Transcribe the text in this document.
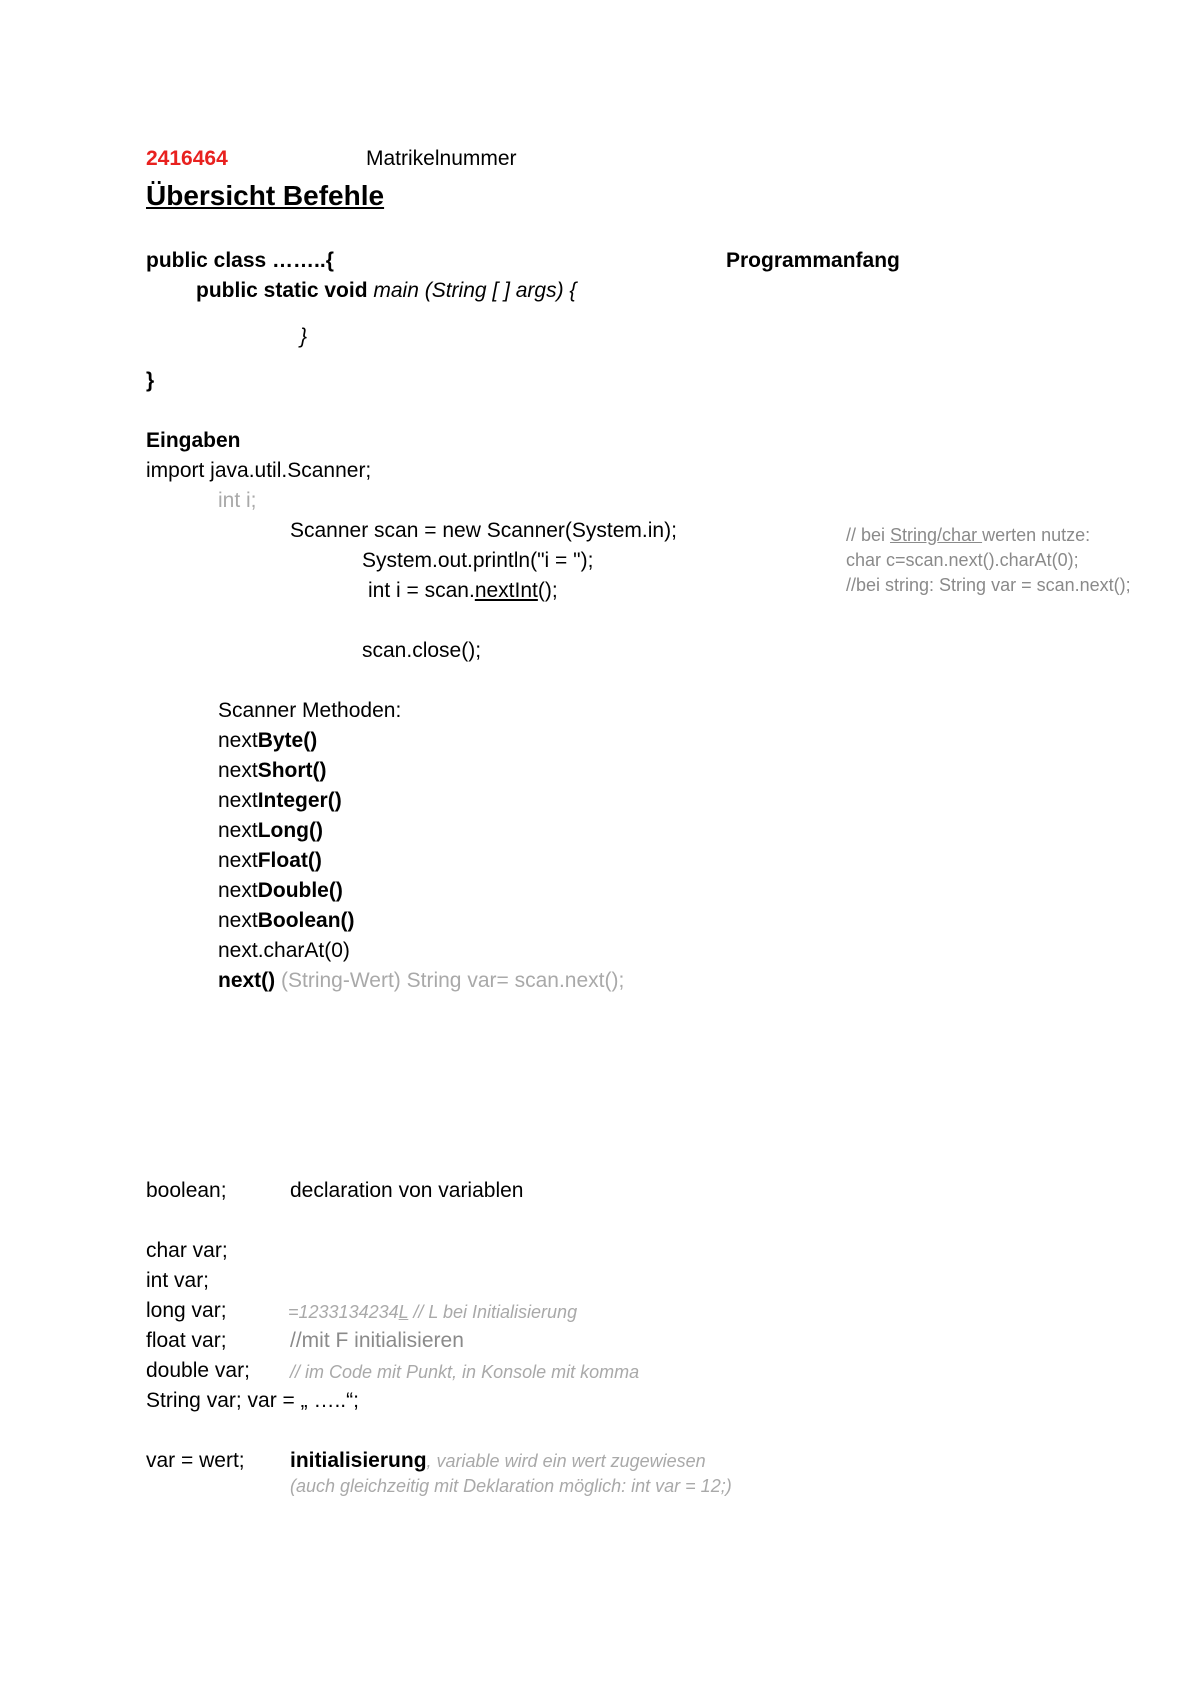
2416464	Matrikelnummer
Übersicht Befehle
public class ……..{	Programmanfang
public static void main (String [ ] args) {
}
}
Eingaben
import java.util.Scanner;
int i;
Scanner scan = new Scanner(System.in);
System.out.println("i = ");
int i = scan.nextInt();
scan.close();
// bei String/char werten nutze:
char c=scan.next().charAt(0);
//bei string: String var = scan.next();
Scanner Methoden:
nextByte()
nextShort()
nextInteger()
nextLong()
nextFloat()
nextDouble()
nextBoolean()
next.charAt(0)
next() (String-Wert) String var= scan.next();
boolean;	declaration von variablen
char var;
int var;
long var;	=1233134234L // L bei Initialisierung
float var;	//mit F initialisieren
double var; // im Code mit Punkt, in Konsole mit komma
String var; var = „ …..“;
var = wert; initialisierung, variable wird ein wert zugewiesen
(auch gleichzeitig mit Deklaration möglich: int var = 12;)
